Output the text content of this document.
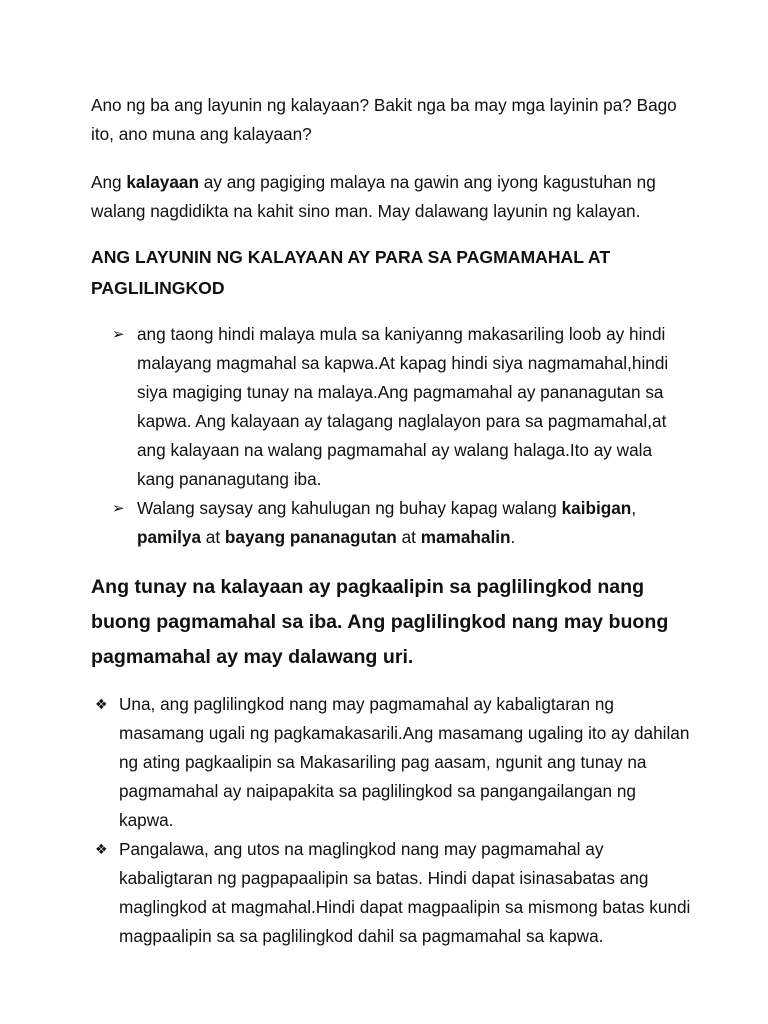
Ano ng ba ang layunin ng kalayaan? Bakit nga ba may mga layinin pa? Bago ito, ano muna ang kalayaan?

Ang kalayaan ay ang pagiging malaya na gawin ang iyong kagustuhan ng walang nagdidikta na kahit sino man. May dalawang layunin ng kalayan.

ANG LAYUNIN NG KALAYAAN AY PARA SA PAGMAMAHAL AT PAGLILINGKOD
➢ ang taong hindi malaya mula sa kaniyanng makasariling loob ay hindi malayang magmahal sa kapwa.At kapag hindi siya nagmamahal,hindi siya magiging tunay na malaya.Ang pagmamahal ay pananagutan sa kapwa. Ang kalayaan ay talagang naglalayon para sa pagmamahal,at ang kalayaan na walang pagmamahal ay walang halaga.Ito ay wala kang pananagutang iba.
➢ Walang saysay ang kahulugan ng buhay kapag walang kaibigan, pamilya at bayang pananagutan at mamahalin.
Ang tunay na kalayaan ay pagkaalipin sa paglilingkod nang buong pagmamahal sa iba. Ang paglilingkod nang may buong pagmamahal ay may dalawang uri.
❖ Una, ang paglilingkod nang may pagmamahal ay kabaligtaran ng masamang ugali ng pagkamakasarili.Ang masamang ugaling ito ay dahilan ng ating pagkaalipin sa Makasariling pag aasam, ngunit ang tunay na pagmamahal ay naipapakita sa paglilingkod sa pangangailangan ng kapwa.
❖ Pangalawa, ang utos na maglingkod nang may pagmamahal ay kabaligtaran ng pagpapaalipin sa batas. Hindi dapat isinasabatas ang maglingkod at magmahal.Hindi dapat magpaalipin sa mismong batas kundi magpaalipin sa sa paglilingkod dahil sa pagmamahal sa kapwa.
